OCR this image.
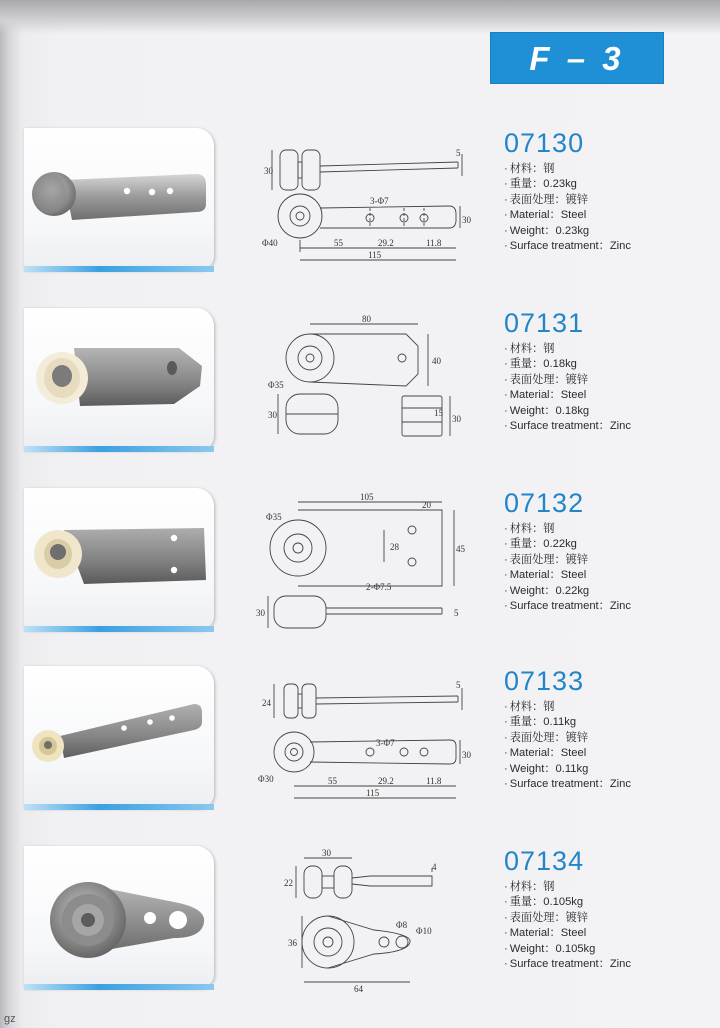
F – 3
30
5
3-Φ7
30
Φ40	55	29.2	11.8
115
07130
· 材料：钢
· 重量：0.23kg
· 表面处理：镀锌
· Material：Steel
· Weight：0.23kg
· Surface treatment：Zinc
80
40
Φ35
30	15
30
07131
· 材料：钢
· 重量：0.18kg
· 表面处理：镀锌
· Material：Steel
· Weight：0.18kg
· Surface treatment：Zinc
105
20
Φ35
28	45
2-Φ7.5
30	5
07132
· 材料：钢
· 重量：0.22kg
· 表面处理：镀锌
· Material：Steel
· Weight：0.22kg
· Surface treatment：Zinc
24
5
3-Φ7
30
Φ30	55	29.2	11.8
115
07133
· 材料：钢
· 重量：0.11kg
· 表面处理：镀锌
· Material：Steel
· Weight：0.11kg
· Surface treatment：Zinc
30
22
4
Φ8
Φ10
36
64
07134
· 材料：钢
· 重量：0.105kg
· 表面处理：镀锌
· Material：Steel
· Weight：0.105kg
· Surface treatment：Zinc
gz
